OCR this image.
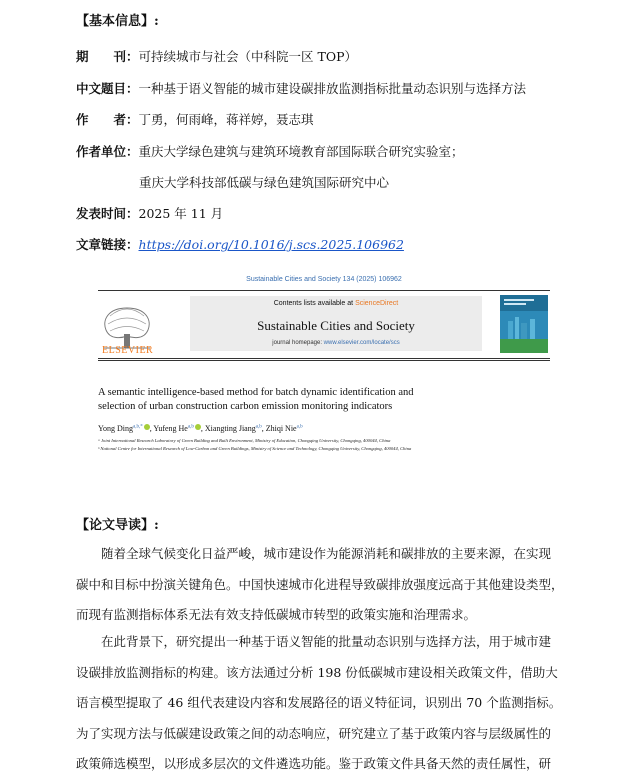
【基本信息】:
期　　刊：可持续城市与社会（中科院一区 TOP）
中文题目：一种基于语义智能的城市建设碳排放监测指标批量动态识别与选择方法
作　　者：丁勇，何雨峰，蒋祥婷，聂志琪
作者单位：重庆大学绿色建筑与建筑环境教育部国际联合研究实验室；
重庆大学科技部低碳与绿色建筑国际研究中心
发表时间：2025 年 11 月
文章链接：https://doi.org/10.1016/j.scs.2025.106962
Sustainable Cities and Society 134 (2025) 106962
ELSEVIER
Contents lists available at ScienceDirect
Sustainable Cities and Society
journal homepage: www.elsevier.com/locate/scs
A semantic intelligence-based method for batch dynamic identification and
selection of urban construction carbon emission monitoring indicators
Yong Ding$^{a,b,*}$ , Yufeng He$^{a,b}$ , Xiangting Jiang$^{a,b}$, Zhiqi Nie$^{a,b}$
ᵃ Joint International Research Laboratory of Green Building and Built Environment, Ministry of Education, Chongqing University, Chongqing, 400044, China
ᵇ National Centre for International Research of Low-Carbon and Green Buildings, Ministry of Science and Technology, Chongqing University, Chongqing, 400044, China
【论文导读】:
随着全球气候变化日益严峻，城市建设作为能源消耗和碳排放的主要来源，在实现
碳中和目标中扮演关键角色。中国快速城市化进程导致碳排放强度远高于其他建设类型，
而现有监测指标体系无法有效支持低碳城市转型的政策实施和治理需求。
在此背景下，研究提出一种基于语义智能的批量动态识别与选择方法，用于城市建
设碳排放监测指标的构建。该方法通过分析 198 份低碳城市建设相关政策文件，借助大
语言模型提取了 46 组代表建设内容和发展路径的语义特征词，识别出 70 个监测指标。
为了实现方法与低碳建设政策之间的动态响应，研究建立了基于政策内容与层级属性的
政策筛选模型，以形成多层次的文件遴选功能。鉴于政策文件具备天然的责任属性，研
